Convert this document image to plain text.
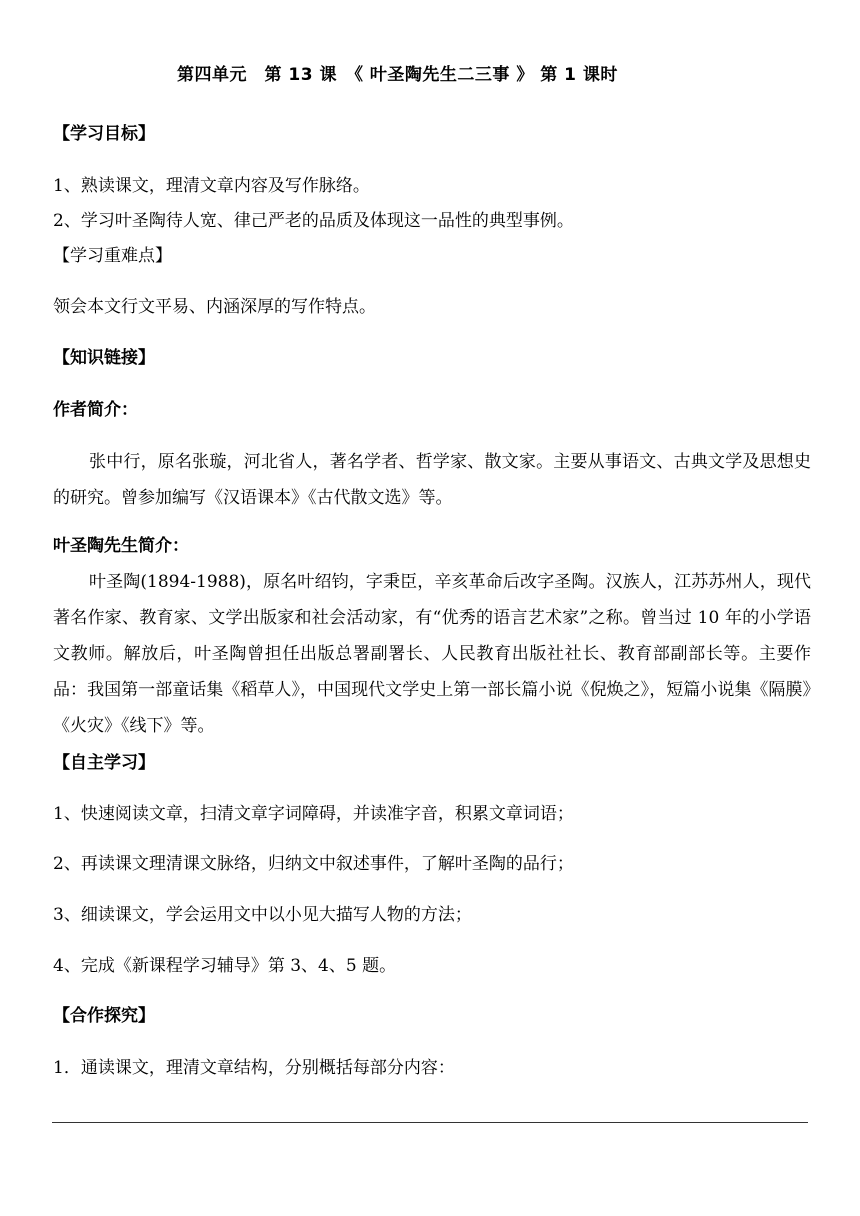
第四单元　第 13 课　《 叶圣陶先生二三事 》 第 1 课时
【学习目标】
1、熟读课文，理清文章内容及写作脉络。
2、学习叶圣陶待人宽、律己严老的品质及体现这一品性的典型事例。
【学习重难点】
领会本文行文平易、内涵深厚的写作特点。
【知识链接】
作者简介：
张中行，原名张璇，河北省人，著名学者、哲学家、散文家。主要从事语文、古典文学及思想史的研究。曾参加编写《汉语课本》《古代散文选》等。
叶圣陶先生简介：
叶圣陶(1894-1988)，原名叶绍钧，字秉臣，辛亥革命后改字圣陶。汉族人，江苏苏州人，现代著名作家、教育家、文学出版家和社会活动家，有“优秀的语言艺术家”之称。曾当过 10 年的小学语文教师。解放后，叶圣陶曾担任出版总署副署长、人民教育出版社社长、教育部副部长等。主要作品：我国第一部童话集《稻草人》，中国现代文学史上第一部长篇小说《倪焕之》，短篇小说集《隔膜》《火灾》《线下》等。
【自主学习】
1、快速阅读文章，扫清文章字词障碍，并读准字音，积累文章词语；
2、再读课文理清课文脉络，归纳文中叙述事件，了解叶圣陶的品行；
3、细读课文，学会运用文中以小见大描写人物的方法；
4、完成《新课程学习辅导》第 3、4、5 题。
【合作探究】
1．通读课文，理清文章结构，分别概括每部分内容：
